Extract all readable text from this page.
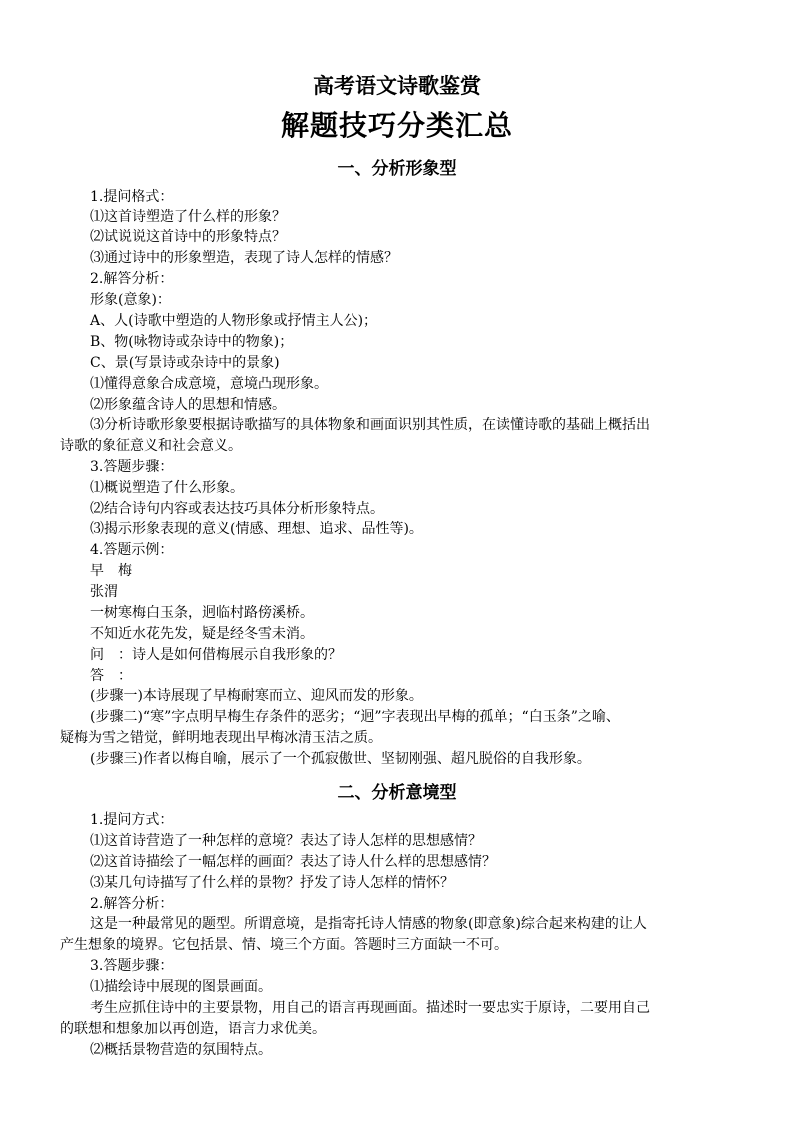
高考语文诗歌鉴赏
解题技巧分类汇总
一、分析形象型
1.提问格式：
⑴这首诗塑造了什么样的形象？
⑵试说说这首诗中的形象特点？
⑶通过诗中的形象塑造，表现了诗人怎样的情感？
2.解答分析：
形象(意象)：
A、人(诗歌中塑造的人物形象或抒情主人公)；
B、物(咏物诗或杂诗中的物象)；
C、景(写景诗或杂诗中的景象)
⑴懂得意象合成意境，意境凸现形象。
⑵形象蕴含诗人的思想和情感。
⑶分析诗歌形象要根据诗歌描写的具体物象和画面识别其性质，在读懂诗歌的基础上概括出
诗歌的象征意义和社会意义。
3.答题步骤：
⑴概说塑造了什么形象。
⑵结合诗句内容或表达技巧具体分析形象特点。
⑶揭示形象表现的意义(情感、理想、追求、品性等)。
4.答题示例：
早　梅
张渭
一树寒梅白玉条，迥临村路傍溪桥。
不知近水花先发，疑是经冬雪未消。
问　：诗人是如何借梅展示自我形象的？
答　：
(步骤一)本诗展现了早梅耐寒而立、迎风而发的形象。
(步骤二)“寒”字点明早梅生存条件的恶劣；“迥”字表现出早梅的孤单；“白玉条”之喻、
疑梅为雪之错觉，鲜明地表现出早梅冰清玉洁之质。
(步骤三)作者以梅自喻，展示了一个孤寂傲世、坚韧刚强、超凡脱俗的自我形象。
二、分析意境型
1.提问方式：
⑴这首诗营造了一种怎样的意境？表达了诗人怎样的思想感情？
⑵这首诗描绘了一幅怎样的画面？表达了诗人什么样的思想感情？
⑶某几句诗描写了什么样的景物？抒发了诗人怎样的情怀？
2.解答分析：
这是一种最常见的题型。所谓意境，是指寄托诗人情感的物象(即意象)综合起来构建的让人
产生想象的境界。它包括景、情、境三个方面。答题时三方面缺一不可。
3.答题步骤：
⑴描绘诗中展现的图景画面。
考生应抓住诗中的主要景物，用自己的语言再现画面。描述时一要忠实于原诗，二要用自己
的联想和想象加以再创造，语言力求优美。
⑵概括景物营造的氛围特点。
